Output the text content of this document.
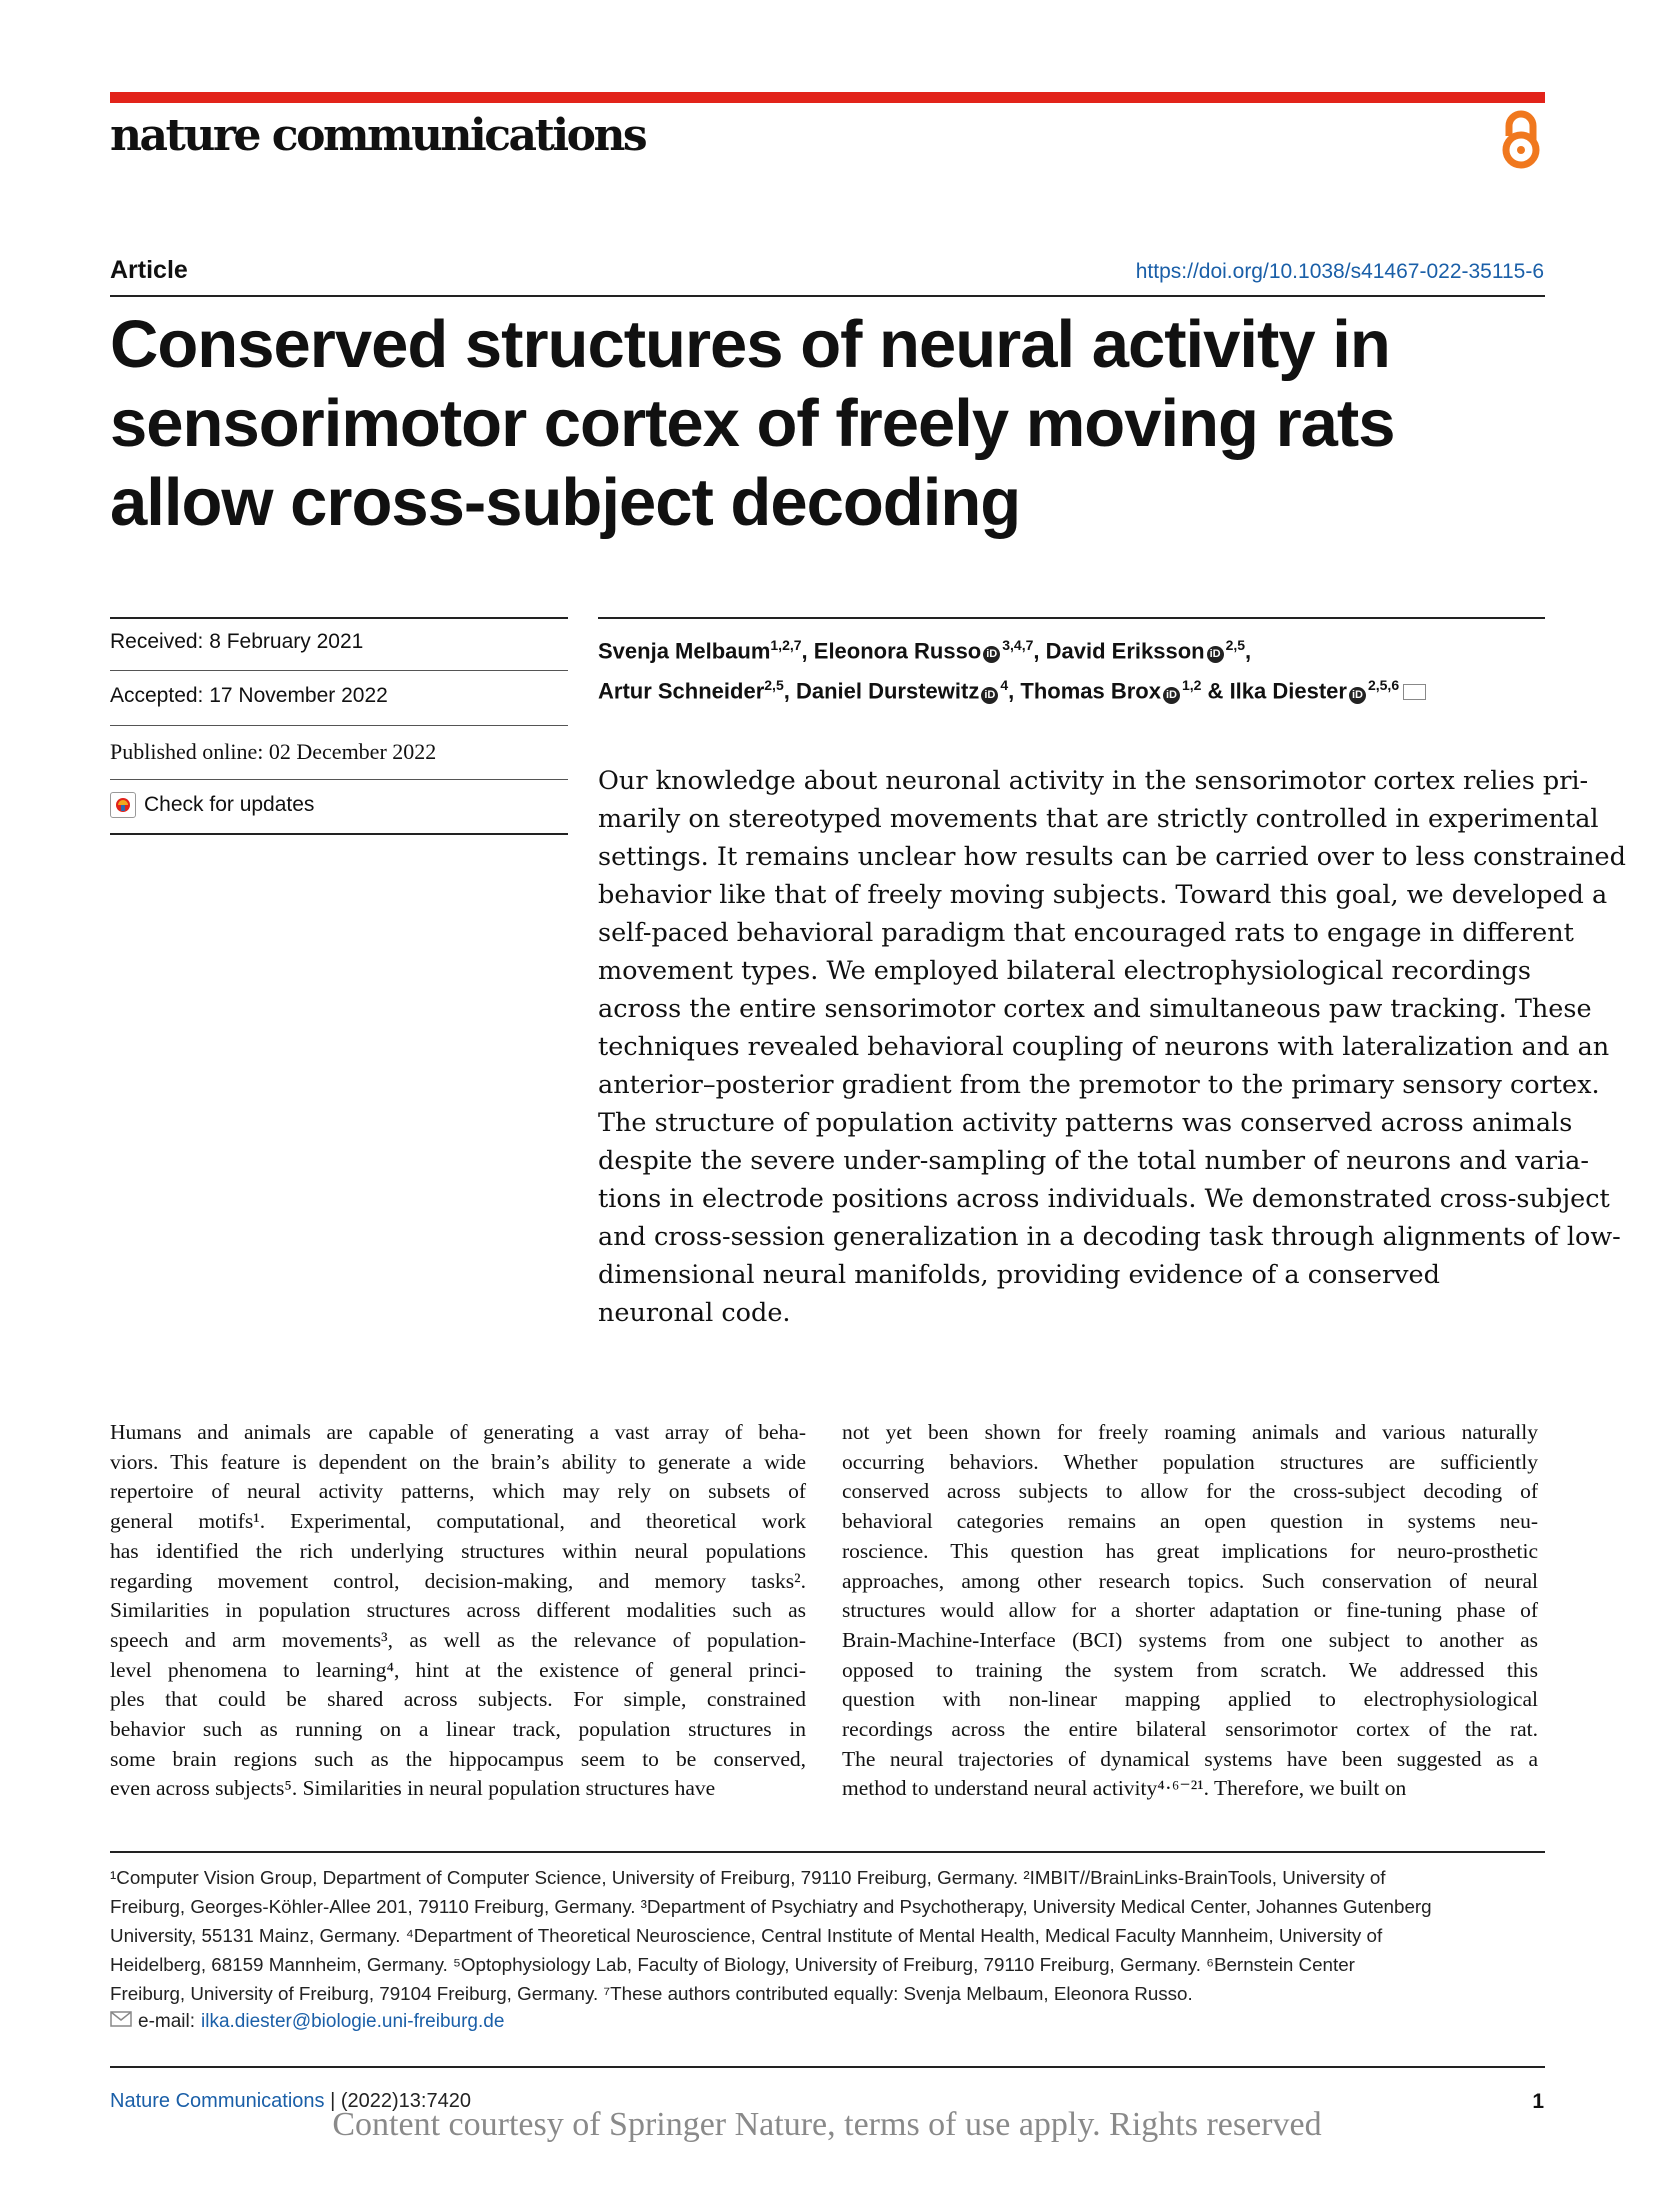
nature communications
Article	https://doi.org/10.1038/s41467-022-35115-6
Conserved structures of neural activity in
sensorimotor cortex of freely moving rats
allow cross-subject decoding
Received: 8 February 2021
Accepted: 17 November 2022
Published online: 02 December 2022
Check for updates
Svenja Melbaum$^{1,2,7}$, Eleonora Russo iD$^{3,4,7}$, David Eriksson iD$^{2,5}$,
Artur Schneider$^{2,5}$, Daniel Durstewitz $iD^4$, Thomas Brox iD$^{1,2}$ & Ilka Diester iD$^{2,5,6}$
Our knowledge about neuronal activity in the sensorimotor cortex relies pri-
marily on stereotyped movements that are strictly controlled in experimental
settings. It remains unclear how results can be carried over to less constrained
behavior like that of freely moving subjects. Toward this goal, we developed a
self-paced behavioral paradigm that encouraged rats to engage in different
movement types. We employed bilateral electrophysiological recordings
across the entire sensorimotor cortex and simultaneous paw tracking. These
techniques revealed behavioral coupling of neurons with lateralization and an
anterior–posterior gradient from the premotor to the primary sensory cortex.
The structure of population activity patterns was conserved across animals
despite the severe under-sampling of the total number of neurons and varia-
tions in electrode positions across individuals. We demonstrated cross-subject
and cross-session generalization in a decoding task through alignments of low-
dimensional neural manifolds, providing evidence of a conserved
neuronal code.
Humans and animals are capable of generating a vast array of beha-
viors. This feature is dependent on the brain’s ability to generate a wide
repertoire of neural activity patterns, which may rely on subsets of
general motifs¹. Experimental, computational, and theoretical work
has identified the rich underlying structures within neural populations
regarding movement control, decision-making, and memory tasks².
Similarities in population structures across different modalities such as
speech and arm movements³, as well as the relevance of population-
level phenomena to learning⁴, hint at the existence of general princi-
ples that could be shared across subjects. For simple, constrained
behavior such as running on a linear track, population structures in
some brain regions such as the hippocampus seem to be conserved,
even across subjects⁵. Similarities in neural population structures have
not yet been shown for freely roaming animals and various naturally
occurring behaviors. Whether population structures are sufficiently
conserved across subjects to allow for the cross-subject decoding of
behavioral categories remains an open question in systems neu-
roscience. This question has great implications for neuro-prosthetic
approaches, among other research topics. Such conservation of neural
structures would allow for a shorter adaptation or fine-tuning phase of
Brain-Machine-Interface (BCI) systems from one subject to another as
opposed to training the system from scratch. We addressed this
question with non-linear mapping applied to electrophysiological
recordings across the entire bilateral sensorimotor cortex of the rat.
The neural trajectories of dynamical systems have been suggested as a
method to understand neural activity⁴·⁶⁻²¹. Therefore, we built on
¹Computer Vision Group, Department of Computer Science, University of Freiburg, 79110 Freiburg, Germany. ²IMBIT//BrainLinks-BrainTools, University of
Freiburg, Georges-Köhler-Allee 201, 79110 Freiburg, Germany. ³Department of Psychiatry and Psychotherapy, University Medical Center, Johannes Gutenberg
University, 55131 Mainz, Germany. ⁴Department of Theoretical Neuroscience, Central Institute of Mental Health, Medical Faculty Mannheim, University of
Heidelberg, 68159 Mannheim, Germany. ⁵Optophysiology Lab, Faculty of Biology, University of Freiburg, 79110 Freiburg, Germany. ⁶Bernstein Center
Freiburg, University of Freiburg, 79104 Freiburg, Germany. ⁷These authors contributed equally: Svenja Melbaum, Eleonora Russo.
e-mail: ilka.diester@biologie.uni-freiburg.de
Nature Communications | (2022)13:7420	1
Content courtesy of Springer Nature, terms of use apply. Rights reserved
